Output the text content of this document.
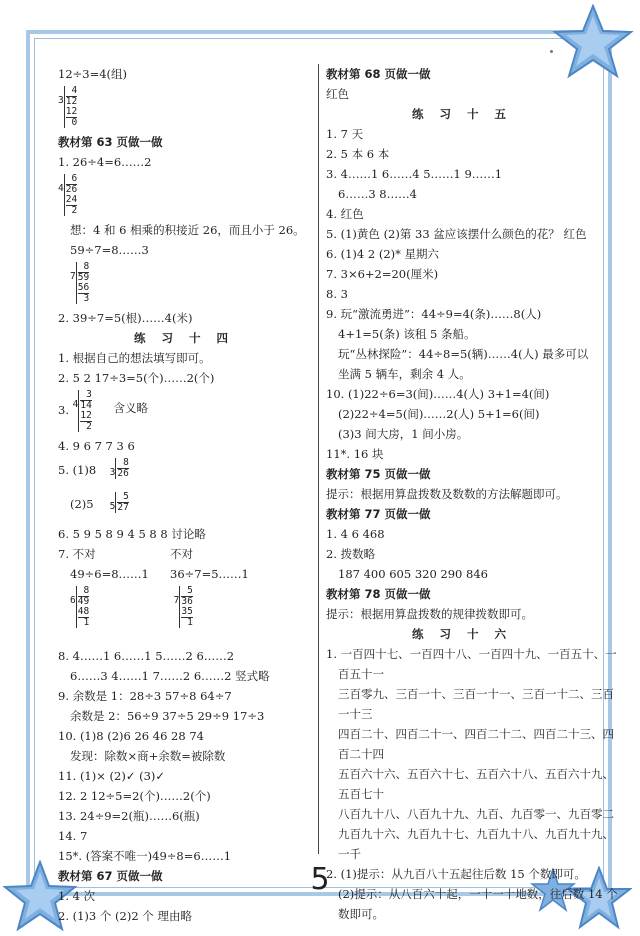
12÷3=4(组)
3
4
12
12
0
教材第 63 页做一做
1. 26÷4=6……2
4
6
26
24
2
想：4 和 6 相乘的积接近 26，而且小于 26。
59÷7=8……3
7
8
59
56
3
2. 39÷7=5(根)……4(米)
练 习 十 四
1. 根据自己的想法填写即可。
2. 5 2 17÷3=5(个)……2(个)
3. 4
3
14
12
2
含义略
4. 9 6 7 7 3 6
5. (1)8 $3 \frac{8}{26}$
(2)5 $5 \frac{5}{27}$
6. 5 9 5 8 9 4 5 8 8 讨论略
7. 不对	不对
49÷6=8……1 36÷7=5……1
6
8
49
48
1
7
5
36
35
1
8. 4……1 6……1 5……2 6……2
6……3 4……1 7……2 6……2 竖式略
9. 余数是 1：28÷3 57÷8 64÷7
余数是 2：56÷9 37÷5 29÷9 17÷3
10. (1)8 (2)6 26 46 28 74
发现：除数×商+余数=被除数
11. (1)× (2)✓ (3)✓
12. 2 12÷5=2(个)……2(个)
13. 24÷9=2(瓶)……6(瓶)
14. 7
15*. (答案不唯一)49÷8=6……1
教材第 67 页做一做
1. 4 次
2. (1)3 个 (2)2 个 理由略
教材第 68 页做一做
红色
练 习 十 五
1. 7 天
2. 5 本 6 本
3. 4……1 6……4 5……1 9……1
6……3 8……4
4. 红色
5. (1)黄色 (2)第 33 盆应该摆什么颜色的花？ 红色
6. (1)4 2 (2)* 星期六
7. 3×6+2=20(厘米)
8. 3
9. 玩“激流勇进”：44÷9=4(条)……8(人)
4+1=5(条) 该租 5 条船。
玩“丛林探险”：44÷8=5(辆)……4(人) 最多可以
坐满 5 辆车，剩余 4 人。
10. (1)22÷6=3(间)……4(人) 3+1=4(间)
(2)22÷4=5(间)……2(人) 5+1=6(间)
(3)3 间大房，1 间小房。
11*. 16 块
教材第 75 页做一做
提示：根据用算盘拨数及数数的方法解题即可。
教材第 77 页做一做
1. 4 6 468
2. 拨数略
187 400 605 320 290 846
教材第 78 页做一做
提示：根据用算盘拨数的规律拨数即可。
练 习 十 六
1. 一百四十七、一百四十八、一百四十九、一百五十、一
百五十一
三百零九、三百一十、三百一十一、三百一十二、三百
一十三
四百二十、四百二十一、四百二十二、四百二十三、四
百二十四
五百六十六、五百六十七、五百六十八、五百六十九、
五百七十
八百九十八、八百九十九、九百、九百零一、九百零二
九百九十六、九百九十七、九百九十八、九百九十九、
一千
2. (1)提示：从九百八十五起往后数 15 个数即可。
(2)提示：从八百六十起，一十一十地数，往后数 14 个
数即可。
5
